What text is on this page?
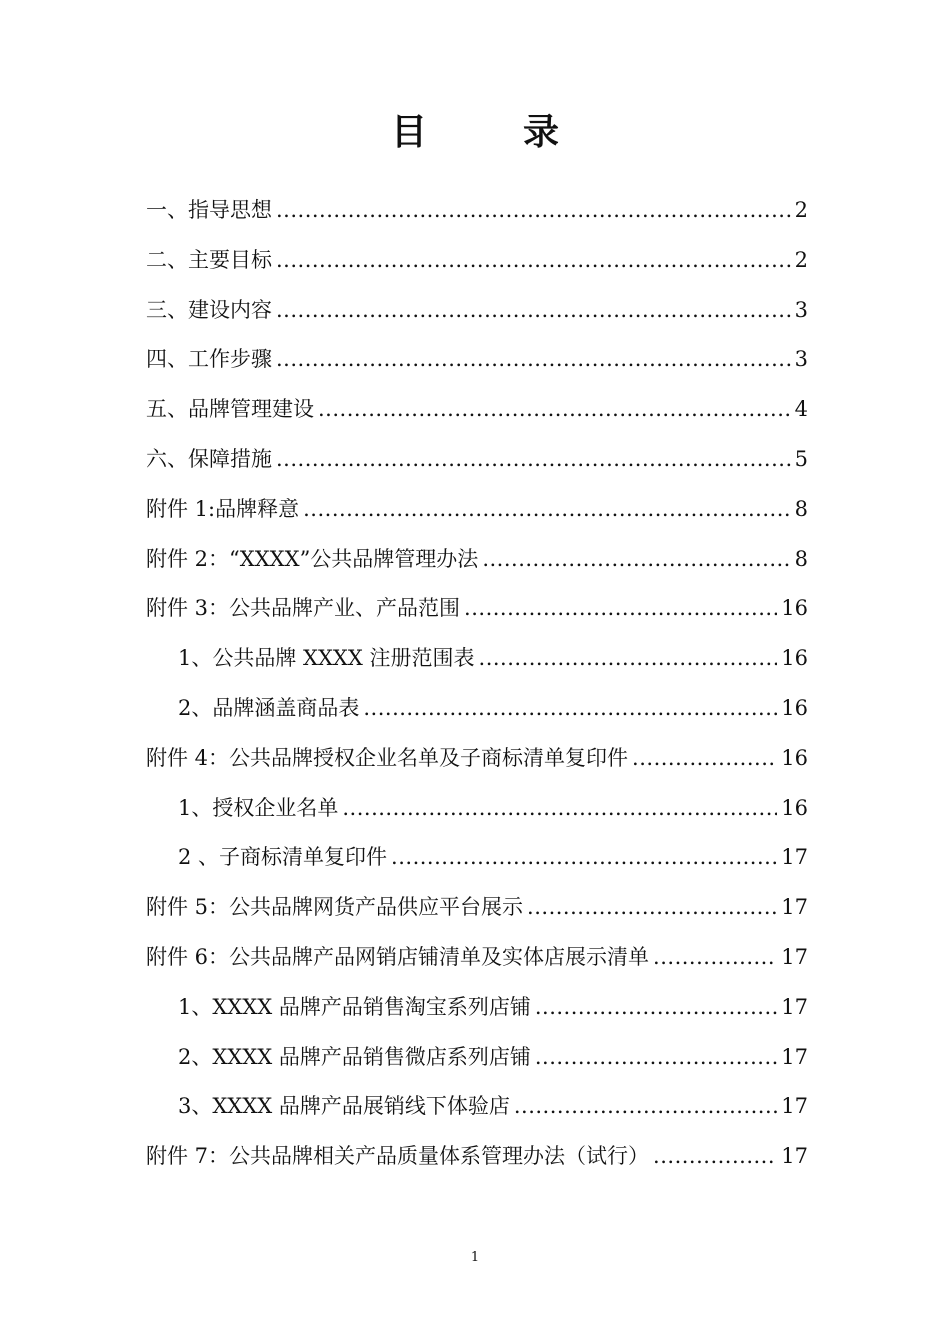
目　录
一、指导思想 .....	2
二、主要目标 .....	2
三、建设内容 .....	3
四、工作步骤 .....	3
五、品牌管理建设 .....	4
六、保障措施 .....	5
附件 1:品牌释意 .....	8
附件 2：“XXXX”公共品牌管理办法 .....	8
附件 3：公共品牌产业、产品范围 .....	16
1、公共品牌 XXXX 注册范围表 .....	16
2、品牌涵盖商品表 .....	16
附件 4：公共品牌授权企业名单及子商标清单复印件 .....	16
1、授权企业名单 .....	16
2 、子商标清单复印件 .....	17
附件 5：公共品牌网货产品供应平台展示 .....	17
附件 6：公共品牌产品网销店铺清单及实体店展示清单 .....	17
1、XXXX 品牌产品销售淘宝系列店铺 .....	17
2、XXXX 品牌产品销售微店系列店铺 .....	17
3、XXXX 品牌产品展销线下体验店 .....	17
附件 7：公共品牌相关产品质量体系管理办法（试行） .....	17
1
